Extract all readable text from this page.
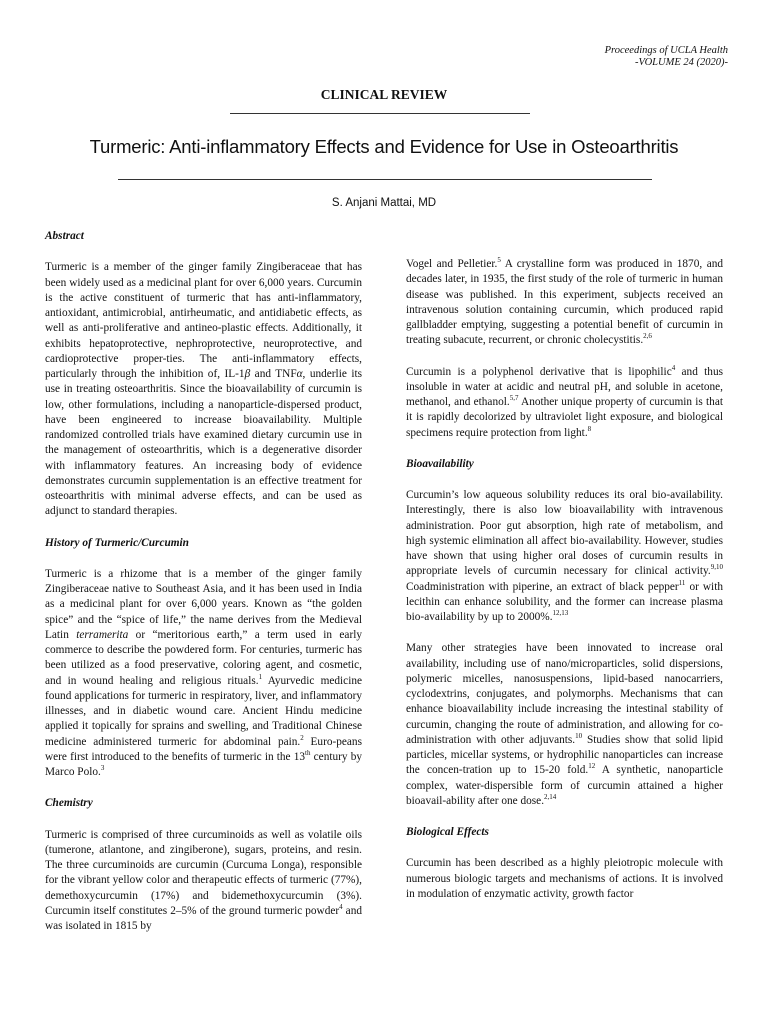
Proceedings of UCLA Health
-VOLUME 24 (2020)-
CLINICAL REVIEW
Turmeric: Anti-inflammatory Effects and Evidence for Use in Osteoarthritis
S. Anjani Mattai, MD
Abstract

Turmeric is a member of the ginger family Zingiberaceae that has been widely used as a medicinal plant for over 6,000 years. Curcumin is the active constituent of turmeric that has anti-inflammatory, antioxidant, antimicrobial, antirheumatic, and antidiabetic effects, as well as anti-proliferative and antineo-plastic effects. Additionally, it exhibits hepatoprotective, nephroprotective, neuroprotective, and cardioprotective proper-ties. The anti-inflammatory effects, particularly through the inhibition of, IL-1β and TNFα, underlie its use in treating osteoarthritis. Since the bioavailability of curcumin is low, other formulations, including a nanoparticle-dispersed product, have been engineered to increase bioavailability. Multiple randomized controlled trials have examined dietary curcumin use in the management of osteoarthritis, which is a degenerative disorder with inflammatory features. An increasing body of evidence demonstrates curcumin supplementation is an effective treatment for osteoarthritis with minimal adverse effects, and can be used as adjunct to standard therapies.

History of Turmeric/Curcumin

Turmeric is a rhizome that is a member of the ginger family Zingiberaceae native to Southeast Asia, and it has been used in India as a medicinal plant for over 6,000 years. Known as “the golden spice” and the “spice of life,” the name derives from the Medieval Latin terramerita or “meritorious earth,” a term used in early commerce to describe the powdered form. For centuries, turmeric has been utilized as a food preservative, coloring agent, and cosmetic, and in wound healing and religious rituals.$^1$ Ayurvedic medicine found applications for turmeric in respiratory, liver, and inflammatory illnesses, and in diabetic wound care. Ancient Hindu medicine applied it topically for sprains and swelling, and Traditional Chinese medicine administered turmeric for abdominal pain.$^2$ Euro-peans were first introduced to the benefits of turmeric in the 13th century by Marco Polo.$^3$

Chemistry

Turmeric is comprised of three curcuminoids as well as volatile oils (tumerone, atlantone, and zingiberone), sugars, proteins, and resin. The three curcuminoids are curcumin (Curcuma Longa), responsible for the vibrant yellow color and therapeutic effects of turmeric (77%), demethoxycurcumin (17%) and bidemethoxycurcumin (3%). Curcumin itself constitutes 2–5% of the ground turmeric powder$^4$ and was isolated in 1815 by

Vogel and Pelletier.$^5$ A crystalline form was produced in 1870, and decades later, in 1935, the first study of the role of turmeric in human disease was published. In this experiment, subjects received an intravenous solution containing curcumin, which produced rapid gallbladder emptying, suggesting a potential benefit of curcumin in treating subacute, recurrent, or chronic cholecystitis.$^{2,6}$

Curcumin is a polyphenol derivative that is lipophilic$^4$ and thus insoluble in water at acidic and neutral pH, and soluble in acetone, methanol, and ethanol.$^{5,7}$ Another unique property of curcumin is that it is rapidly decolorized by ultraviolet light exposure, and biological specimens require protection from light.$^8$

Bioavailability

Curcumin’s low aqueous solubility reduces its oral bio-availability. Interestingly, there is also low bioavailability with intravenous administration. Poor gut absorption, high rate of metabolism, and high systemic elimination all affect bio-availability. However, studies have shown that using higher oral doses of curcumin results in appropriate levels of curcumin necessary for clinical activity.$^{9,10}$ Coadministration with piperine, an extract of black pepper$^{11}$ or with lecithin can enhance solubility, and the former can increase plasma bio-availability by up to 2000%.$^{12,13}$

Many other strategies have been innovated to increase oral availability, including use of nano/microparticles, solid dispersions, polymeric micelles, nanosuspensions, lipid-based nanocarriers, cyclodextrins, conjugates, and polymorphs. Mechanisms that can enhance bioavailability include increasing the intestinal stability of curcumin, changing the route of administration, and allowing for co-administration with other adjuvants.$^{10}$ Studies show that solid lipid particles, micellar systems, or hydrophilic nanoparticles can increase the concen-tration up to 15-20 fold.$^{12}$ A synthetic, nanoparticle complex, water-dispersible form of curcumin attained a higher bioavail-ability after one dose.$^{2,14}$

Biological Effects

Curcumin has been described as a highly pleiotropic molecule with numerous biologic targets and mechanisms of actions. It is involved in modulation of enzymatic activity, growth factor
